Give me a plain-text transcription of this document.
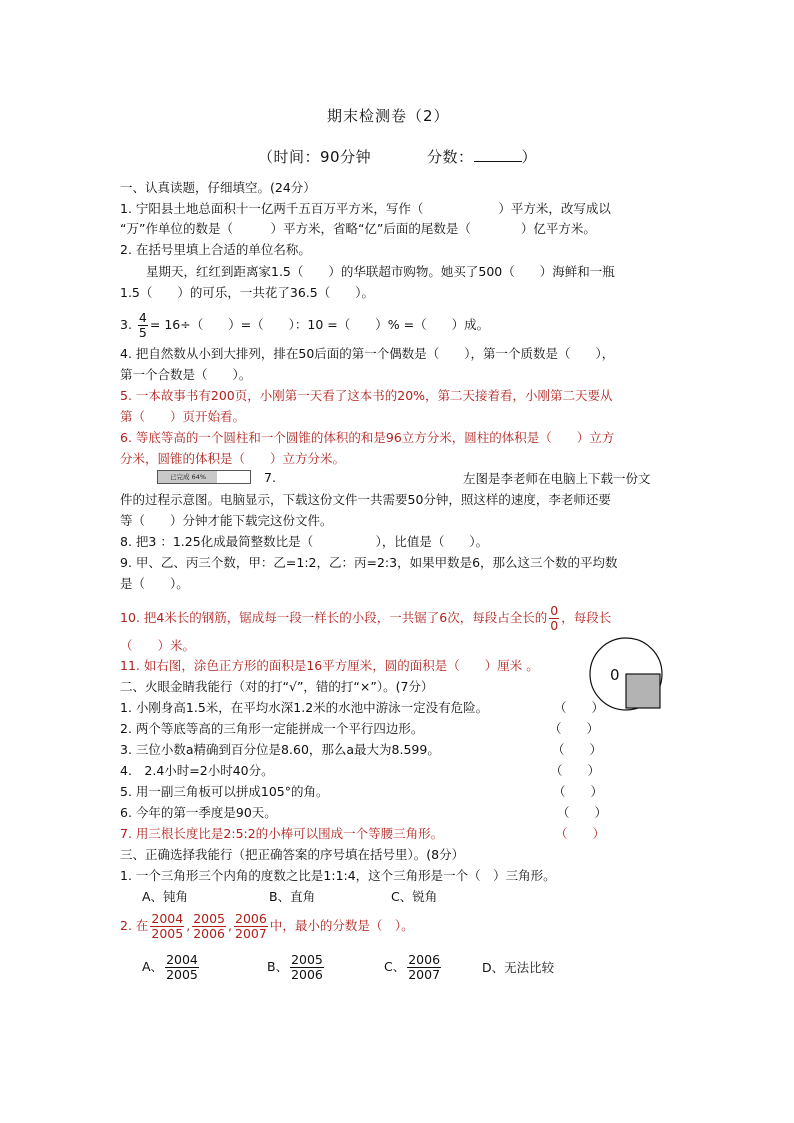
期末检测卷（2）
（时间：90分钟	分数：	）
一、认真读题，仔细填空。(24分）
1. 宁阳县土地总面积十一亿两千五百万平方米，写作（　　　　　　）平方米，改写成以
“万”作单位的数是（　　　）平方米，省略“亿”后面的尾数是（　　　　）亿平方米。
2. 在括号里填上合适的单位名称。
星期天，红红到距离家1.5（　　）的华联超市购物。她买了500（　　）海鲜和一瓶
1.5（　　）的可乐，一共花了36.5（　　）。
3. $\frac{4}{5} = 16\div$（　　）=（　　）：10 =（　　）% =（　　）成。
4. 把自然数从小到大排列，排在50后面的第一个偶数是（　　），第一个质数是（　　），
第一个合数是（　　）。
5. 一本故事书有200页，小刚第一天看了这本书的20%，第二天接着看，小刚第二天要从
第（　　）页开始看。
6. 等底等高的一个圆柱和一个圆锥的体积的和是96立方分米，圆柱的体积是（　　）立方
分米，圆锥的体积是（　　）立方分米。
已完成 64%	7.	左图是李老师在电脑上下载一份文
件的过程示意图。电脑显示，下载这份文件一共需要50分钟，照这样的速度，李老师还要
等（　　）分钟才能下载完这份文件。
8. 把3 ：1.25化成最简整数比是（　　　　　），比值是（　　）。
9. 甲、乙、丙三个数，甲：乙=1:2，乙：丙=2:3，如果甲数是6，那么这三个数的平均数
是（　　）。
10. 把4米长的钢筋，锯成每一段一样长的小段，一共锯了6次，每段占全长的 $\frac{0}{0}$ ，每段长
（　　）米。
11. 如右图，涂色正方形的面积是16平方厘米，圆的面积是（　　）厘米 。
0
二、火眼金睛我能行（对的打“√”，错的打“×”）。(7分）
1. 小刚身高1.5米，在平均水深1.2米的水池中游泳一定没有危险。	（　　）
2. 两个等底等高的三角形一定能拼成一个平行四边形。	（　　）
3. 三位小数a精确到百分位是8.60，那么a最大为8.599。	（　　）
4.　2.4小时=2小时40分。	（　　）
5. 用一副三角板可以拼成105°的角。	（　　）
6. 今年的第一季度是90天。	（　　）
7. 用三根长度比是2:5:2的小棒可以围成一个等腰三角形。	（　　）
三、正确选择我能行（把正确答案的序号填在括号里）。(8分）
1. 一个三角形三个内角的度数之比是1:1:4，这个三角形是一个（　）三角形。
A、钝角	B、直角	C、锐角
2. 在 $\frac{2004}{2005}$ , $\frac{2005}{2006}$ , $\frac{2006}{2007}$ 中，最小的分数是（　）。
A、 $\frac{2004}{2005}$	B、 $\frac{2005}{2006}$	C、 $\frac{2006}{2007}$	D、无法比较
